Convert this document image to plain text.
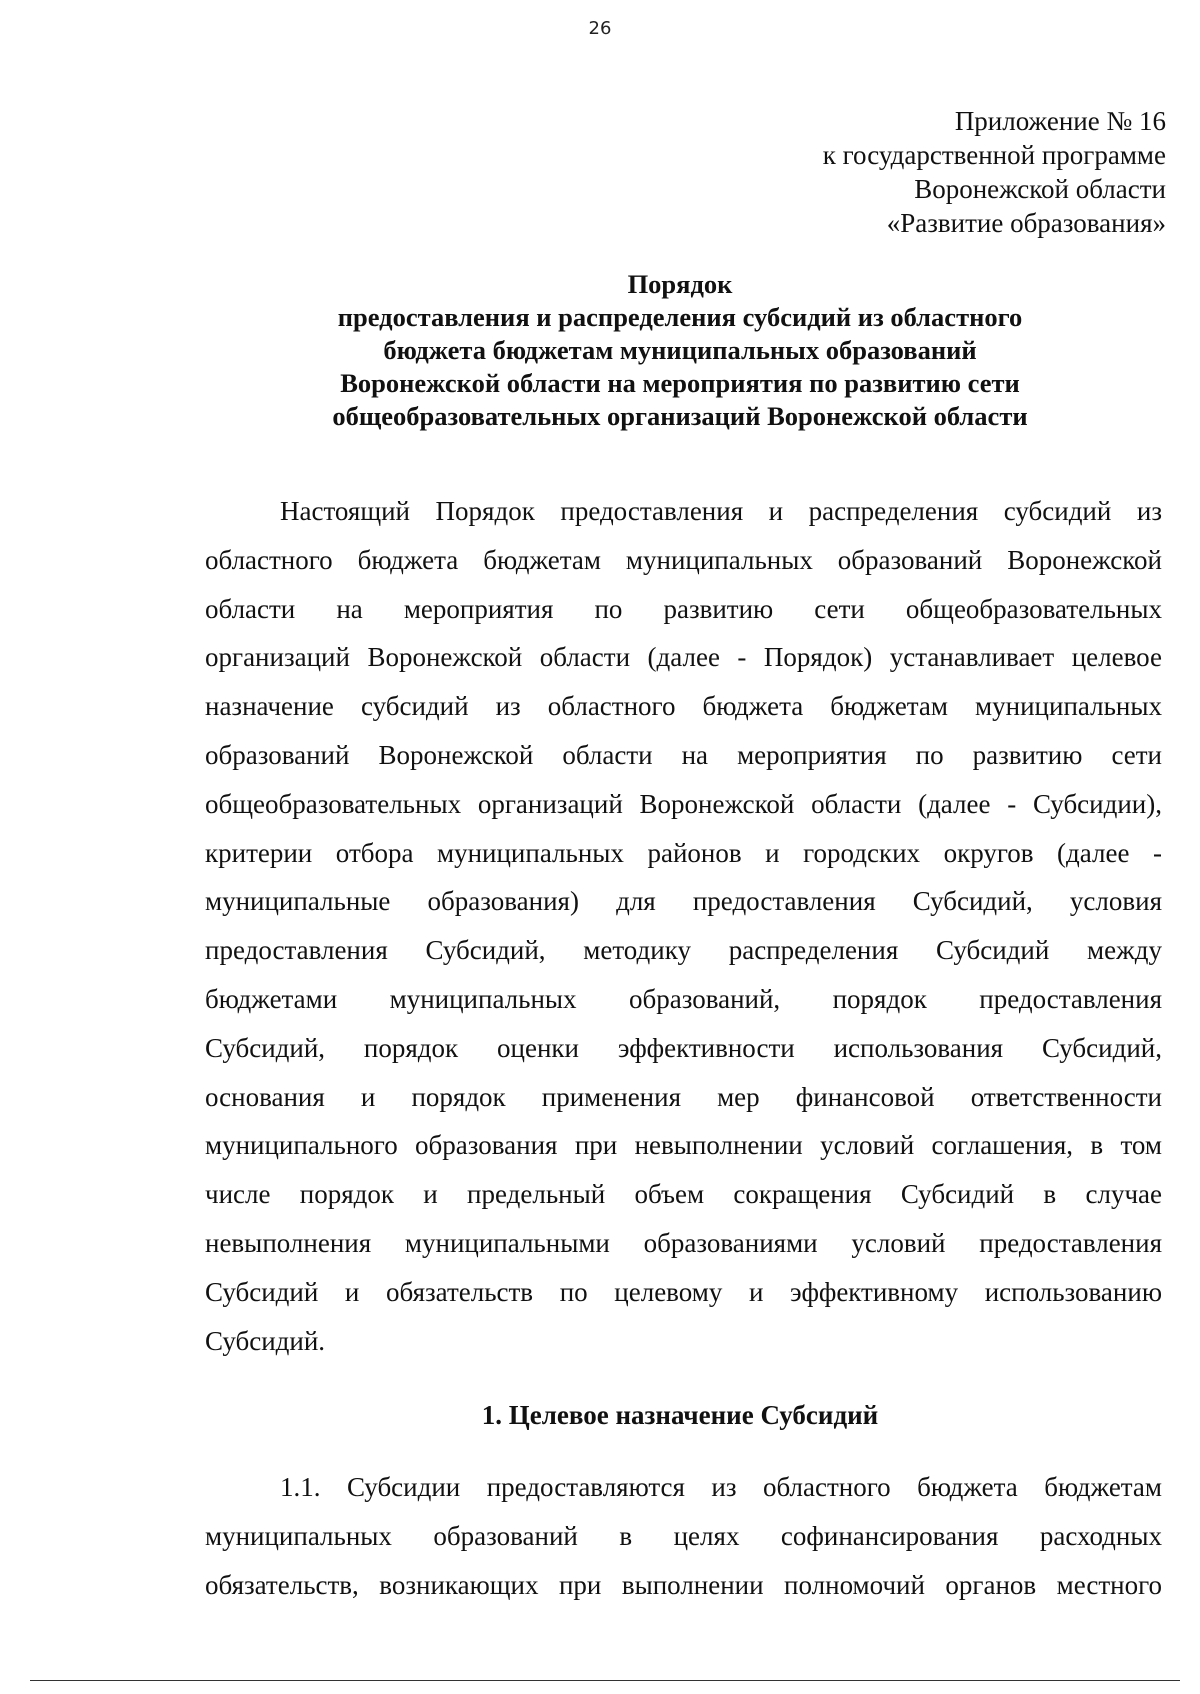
26
Приложение № 16
к государственной программе
Воронежской области
«Развитие образования»
Порядок
предоставления и распределения субсидий из областного
бюджета бюджетам муниципальных образований
Воронежской области на мероприятия по развитию сети
общеобразовательных организаций Воронежской области
Настоящий Порядок предоставления и распределения субсидий из
областного бюджета бюджетам муниципальных образований Воронежской
области на мероприятия по развитию сети общеобразовательных
организаций Воронежской области (далее - Порядок) устанавливает целевое
назначение субсидий из областного бюджета бюджетам муниципальных
образований Воронежской области на мероприятия по развитию сети
общеобразовательных организаций Воронежской области (далее - Субсидии),
критерии отбора муниципальных районов и городских округов (далее -
муниципальные образования) для предоставления Субсидий, условия
предоставления Субсидий, методику распределения Субсидий между
бюджетами муниципальных образований, порядок предоставления
Субсидий, порядок оценки эффективности использования Субсидий,
основания и порядок применения мер финансовой ответственности
муниципального образования при невыполнении условий соглашения, в том
числе порядок и предельный объем сокращения Субсидий в случае
невыполнения муниципальными образованиями условий предоставления
Субсидий и обязательств по целевому и эффективному использованию
Субсидий.
1. Целевое назначение Субсидий
1.1. Субсидии предоставляются из областного бюджета бюджетам
муниципальных образований в целях софинансирования расходных
обязательств, возникающих при выполнении полномочий органов местного
